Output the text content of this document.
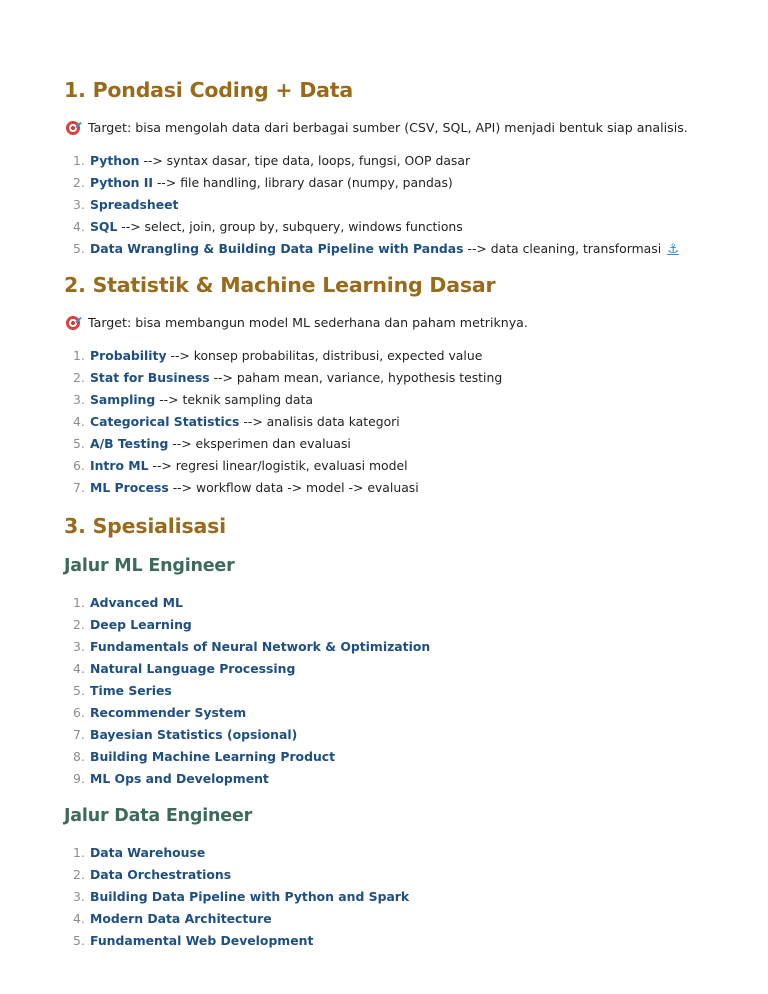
1. Pondasi Coding + Data
Target: bisa mengolah data dari berbagai sumber (CSV, SQL, API) menjadi bentuk siap analisis.
1. Python --> syntax dasar, tipe data, loops, fungsi, OOP dasar
2. Python II --> file handling, library dasar (numpy, pandas)
3. Spreadsheet
4. SQL --> select, join, group by, subquery, windows functions
5. Data Wrangling & Building Data Pipeline with Pandas --> data cleaning, transformasi ⚓
2. Statistik & Machine Learning Dasar
Target: bisa membangun model ML sederhana dan paham metriknya.
1. Probability --> konsep probabilitas, distribusi, expected value
2. Stat for Business --> paham mean, variance, hypothesis testing
3. Sampling --> teknik sampling data
4. Categorical Statistics --> analisis data kategori
5. A/B Testing --> eksperimen dan evaluasi
6. Intro ML --> regresi linear/logistik, evaluasi model
7. ML Process --> workflow data -> model -> evaluasi
3. Spesialisasi
Jalur ML Engineer
1. Advanced ML
2. Deep Learning
3. Fundamentals of Neural Network & Optimization
4. Natural Language Processing
5. Time Series
6. Recommender System
7. Bayesian Statistics (opsional)
8. Building Machine Learning Product
9. ML Ops and Development
Jalur Data Engineer
1. Data Warehouse
2. Data Orchestrations
3. Building Data Pipeline with Python and Spark
4. Modern Data Architecture
5. Fundamental Web Development
